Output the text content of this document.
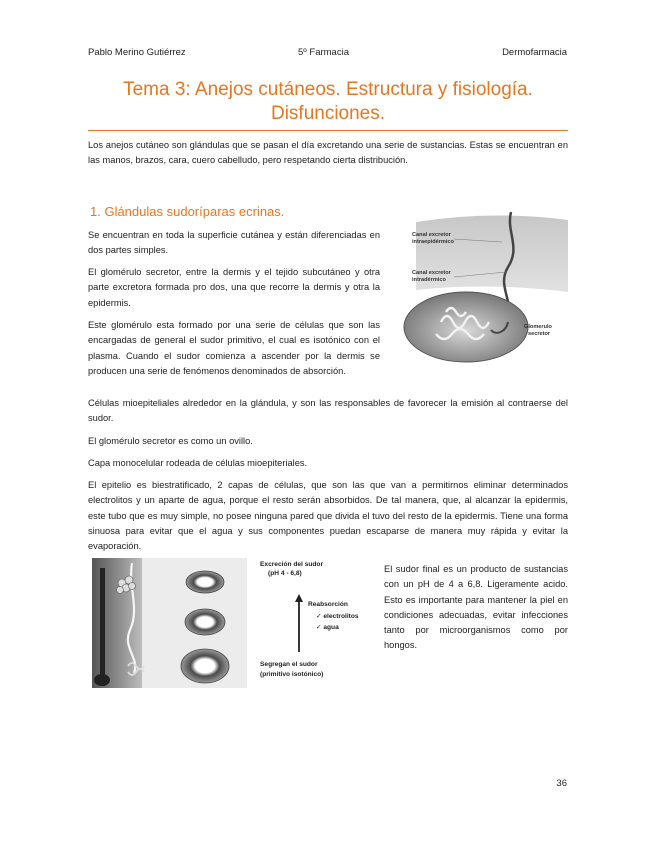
Pablo Merino Gutiérrez	5º Farmacia	Dermofarmacia
Tema 3: Anejos cutáneos. Estructura y fisiología.
Disfunciones.
Los anejos cutáneo son glándulas que se pasan el día excretando una serie de sustancias. Estas se encuentran en las manos, brazos, cara, cuero cabelludo, pero respetando cierta distribución.
1. Glándulas sudoríparas ecrinas.
Se encuentran en toda la superficie cutánea y están diferenciadas en dos partes simples.
El glomérulo secretor, entre la dermis y el tejido subcutáneo y otra parte excretora formada pro dos, una que recorre la dermis y otra la epidermis.
Este glomérulo esta formado por una serie de células que son las encargadas de general el sudor primitivo, el cual es isotónico con el plasma. Cuando el sudor comienza a ascender por la dermis se producen una serie de fenómenos denominados de absorción.
Canal excretor
intraepidérmico
Canal excretor
intradérmico
Glomerulo
secretor
Células mioepiteliales alrededor en la glándula, y son las responsables de favorecer la emisión al contraerse del sudor.
El glomérulo secretor es como un ovillo.
Capa monocelular rodeada de células mioepiteriales.
El epitelio es biestratificado, 2 capas de células, que son las que van a permitirnos eliminar determinados electrolitos y un aparte de agua, porque el resto serán absorbidos. De tal manera, que, al alcanzar la epidermis, este tubo que es muy simple, no posee ninguna pared que divida el tuvo del resto de la epidermis. Tiene una forma sinuosa para evitar que el agua y sus componentes puedan escaparse de manera muy rápida y evitar la evaporación.
Excreción del sudor
(pH 4 - 6,8)
Reabsorción
✓ electrolitos
✓ agua
Segregan el sudor
(primitivo isotónico)
El sudor final es un producto de sustancias con un pH de 4 a 6,8. Ligeramente acido. Esto es importante para mantener la piel en condiciones adecuadas, evitar infecciones tanto por microorganismos como por hongos.
36
